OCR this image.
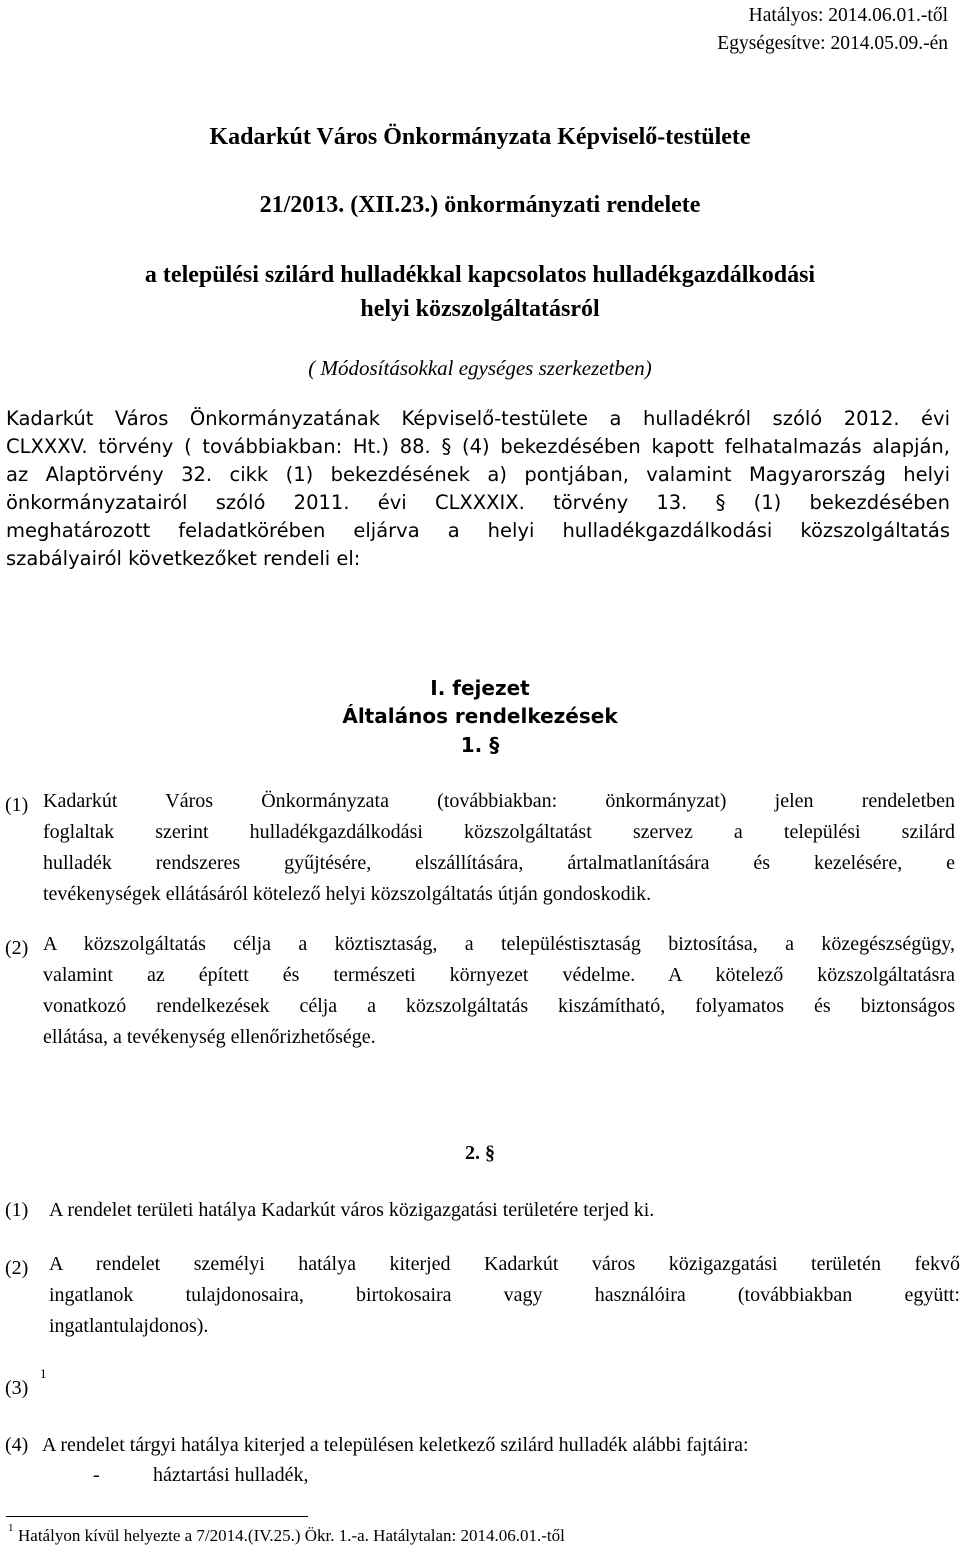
Hatályos: 2014.06.01.-től
Egységesítve: 2014.05.09.-én
Kadarkút Város Önkormányzata Képviselő-testülete
21/2013. (XII.23.) önkormányzati rendelete
a települési szilárd hulladékkal kapcsolatos hulladékgazdálkodási
helyi közszolgáltatásról
( Módosításokkal egységes szerkezetben)
Kadarkút Város Önkormányzatának Képviselő-testülete a hulladékról szóló 2012. évi
CLXXXV. törvény ( továbbiakban: Ht.) 88. § (4) bekezdésében kapott felhatalmazás alapján,
az Alaptörvény 32. cikk (1) bekezdésének a) pontjában, valamint Magyarország helyi
önkormányzatairól szóló 2011. évi CLXXXIX. törvény 13. § (1) bekezdésében
meghatározott feladatkörében eljárva a helyi hulladékgazdálkodási közszolgáltatás
szabályairól következőket rendeli el:
I. fejezet
Általános rendelkezések
1. §
(1) Kadarkút Város Önkormányzata (továbbiakban: önkormányzat) jelen rendeletben
foglaltak szerint hulladékgazdálkodási közszolgáltatást szervez a települési szilárd
hulladék rendszeres gyűjtésére, elszállítására, ártalmatlanítására és kezelésére, e
tevékenységek ellátásáról kötelező helyi közszolgáltatás útján gondoskodik.
(2) A közszolgáltatás célja a köztisztaság, a településtisztaság biztosítása, a közegészségügy,
valamint az épített és természeti környezet védelme. A kötelező közszolgáltatásra
vonatkozó rendelkezések célja a közszolgáltatás kiszámítható, folyamatos és biztonságos
ellátása, a tevékenység ellenőrizhetősége.
2. §
(1) A rendelet területi hatálya Kadarkút város közigazgatási területére terjed ki.
(2) A rendelet személyi hatálya kiterjed Kadarkút város közigazgatási területén fekvő
ingatlanok tulajdonosaira, birtokosaira vagy használóira (továbbiakban együtt:
ingatlantulajdonos).
(3)
1
(4) A rendelet tárgyi hatálya kiterjed a településen keletkező szilárd hulladék alábbi fajtáira:
-	háztartási hulladék,
1 Hatályon kívül helyezte a 7/2014.(IV.25.) Ökr. 1.-a. Hatálytalan: 2014.06.01.-től
